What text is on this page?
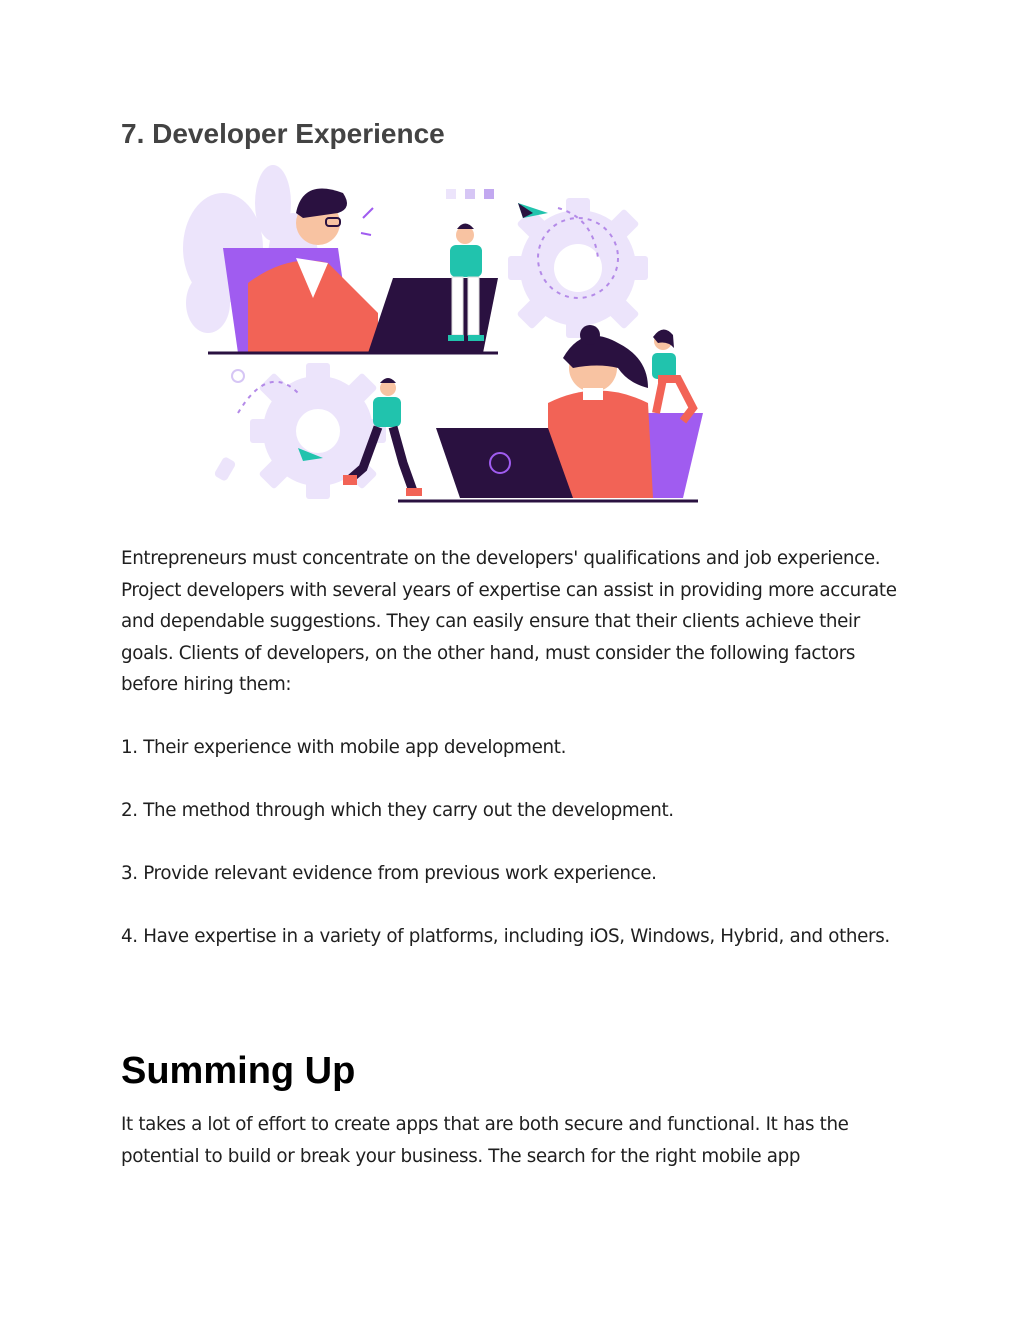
7. Developer Experience

Entrepreneurs must concentrate on the developers' qualifications and job experience.
Project developers with several years of expertise can assist in providing more accurate
and dependable suggestions. They can easily ensure that their clients achieve their
goals. Clients of developers, on the other hand, must consider the following factors
before hiring them:

1. Their experience with mobile app development.

2. The method through which they carry out the development.

3. Provide relevant evidence from previous work experience.

4. Have expertise in a variety of platforms, including iOS, Windows, Hybrid, and others.

Summing Up

It takes a lot of effort to create apps that are both secure and functional. It has the
potential to build or break your business. The search for the right mobile app
